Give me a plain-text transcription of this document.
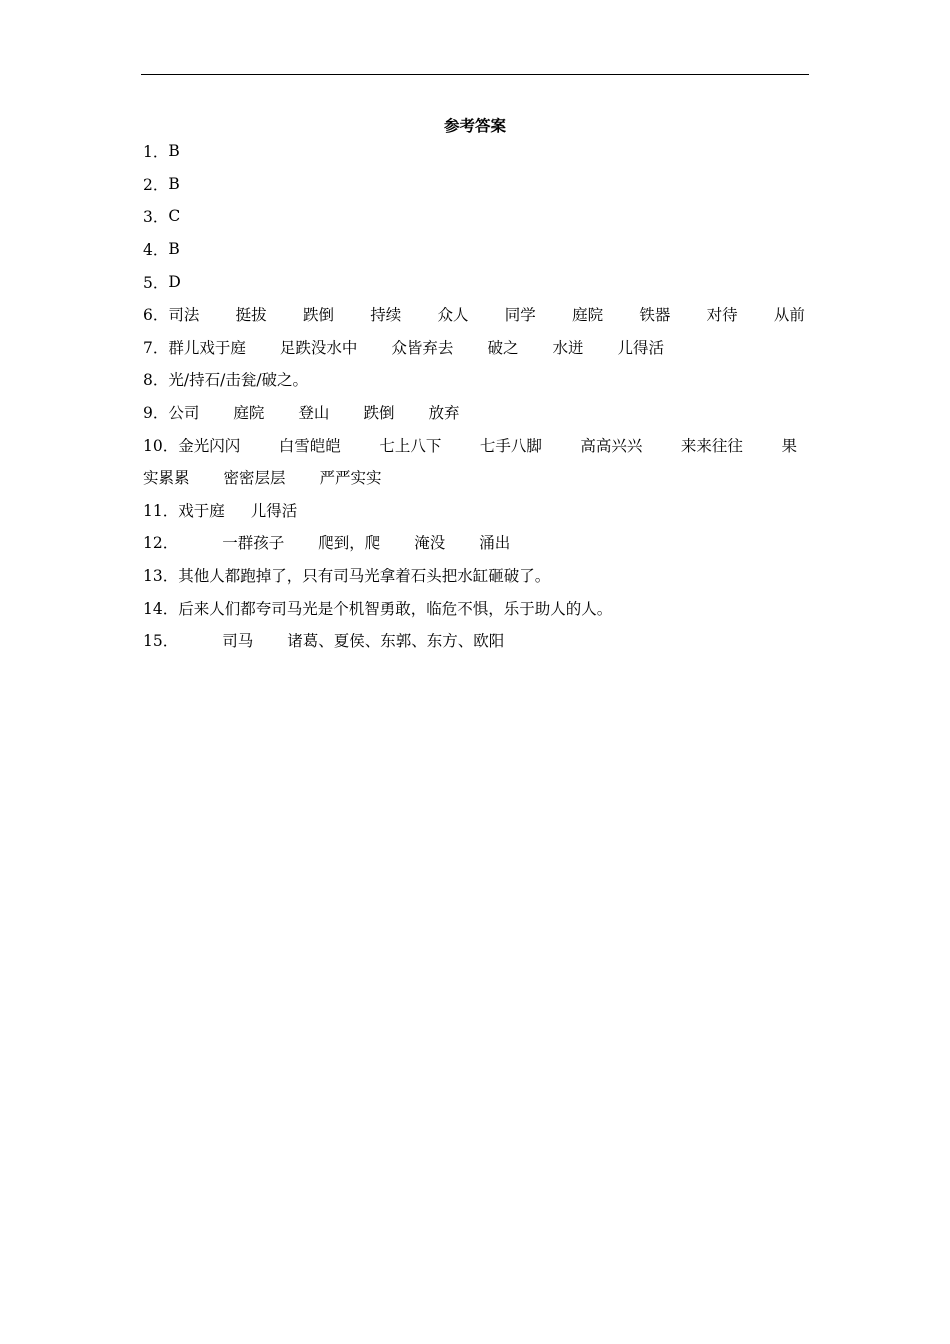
参考答案
1 ．	B
2 ．	B
3 ．	C
4 ．	B
5 ．	D
6 ． 司法 挺拔 跌倒 持续 众人 同学 庭院 铁器 对待 从前
7 ．	群儿戏于庭 足跌没水中 众皆弃去 破之 水迸 儿得活
8 ．	光/持石/击瓮/破之。
9 ．	公司 庭院 登山 跌倒 放弃
10 ． 金光闪闪 白雪皑皑 七上八下 七手八脚 高高兴兴 来来往往 果
实累累 密密层层 严严实实
11 ．	戏于庭 儿得活
12 ．	一群孩子 爬到，爬 淹没 涌出
13 ．	其他人都跑掉了，只有司马光拿着石头把水缸砸破了。
14 ．	后来人们都夸司马光是个机智勇敢，临危不惧，乐于助人的人。
15 ．	司马 诸葛、夏侯、东郭、东方、欧阳
